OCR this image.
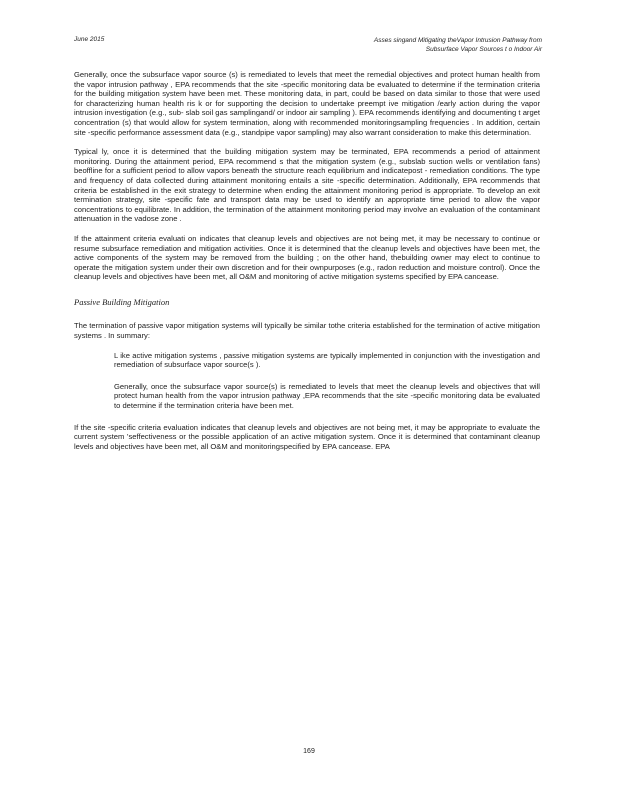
June 2015	Asses singand Mitigating theVapor Intrusion Pathway from
Subsurface Vapor Sources t o Indoor Air

Generally, once the subsurface vapor source (s) is remediated to levels that meet the remedial objectives and protect human health from the vapor intrusion pathway , EPA recommends that the site -specific monitoring data be evaluated to determine if the termination criteria for the building mitigation system have been met. These monitoring data, in part, could be based on data similar to those that were used for characterizing human health ris k or for supporting the decision to undertake preempt ive mitigation /early action during the vapor intrusion investigation (e.g., sub- slab soil gas samplingand/ or indoor air sampling ). EPA recommends identifying and documenting t arget concentration (s) that would allow for system termination, along with recommended monitoringsampling frequencies . In addition, certain site -specific performance assessment data (e.g., standpipe vapor sampling) may also warrant consideration to make this determination.

Typical ly, once it is determined that the building mitigation system may be terminated, EPA recommends a period of attainment monitoring. During the attainment period, EPA recommend s that the mitigation system (e.g., subslab suction wells or ventilation fans) beoffline for a sufficient period to allow vapors beneath the structure reach equilibrium and indicatepost - remediation conditions. The type and frequency of data collected during attainment monitoring entails a site -specific determination. Additionally, EPA recommends that criteria be established in the exit strategy to determine when ending the attainment monitoring period is appropriate. To develop an exit termination strategy, site -specific fate and transport data may be used to identify an appropriate time period to allow the vapor concentrations to equilibrate. In addition, the termination of the attainment monitoring period may involve an evaluation of the contaminant attenuation in the vadose zone .

If the attainment criteria evaluati on indicates that cleanup levels and objectives are not being met, it may be necessary to continue or resume subsurface remediation and mitigation activities. Once it is determined that the cleanup levels and objectives have been met, the active components of the system may be removed from the building ; on the other hand, thebuilding owner may elect to continue to operate the mitigation system under their own discretion and for their ownpurposes (e.g., radon reduction and moisture control). Once the cleanup levels and objectives have been met, all O&M and monitoring of active mitigation systems specified by EPA cancease.

Passive Building Mitigation

The termination of passive vapor mitigation systems will typically be similar tothe criteria established for the termination of active mitigation systems . In summary:

L ike active mitigation systems , passive mitigation systems are typically implemented in conjunction with the investigation and remediation of subsurface vapor source(s ).
Generally, once the subsurface vapor source(s) is remediated to levels that meet the cleanup levels and objectives that will protect human health from the vapor intrusion pathway ,EPA recommends that the site -specific monitoring data be evaluated to determine if the termination criteria have been met.

If the site -specific criteria evaluation indicates that cleanup levels and objectives are not being met, it may be appropriate to evaluate the current system 'seffectiveness or the possible application of an active mitigation system. Once it is determined that contaminant cleanup levels and objectives have been met, all O&M and monitoringspecified by EPA cancease. EPA

169
